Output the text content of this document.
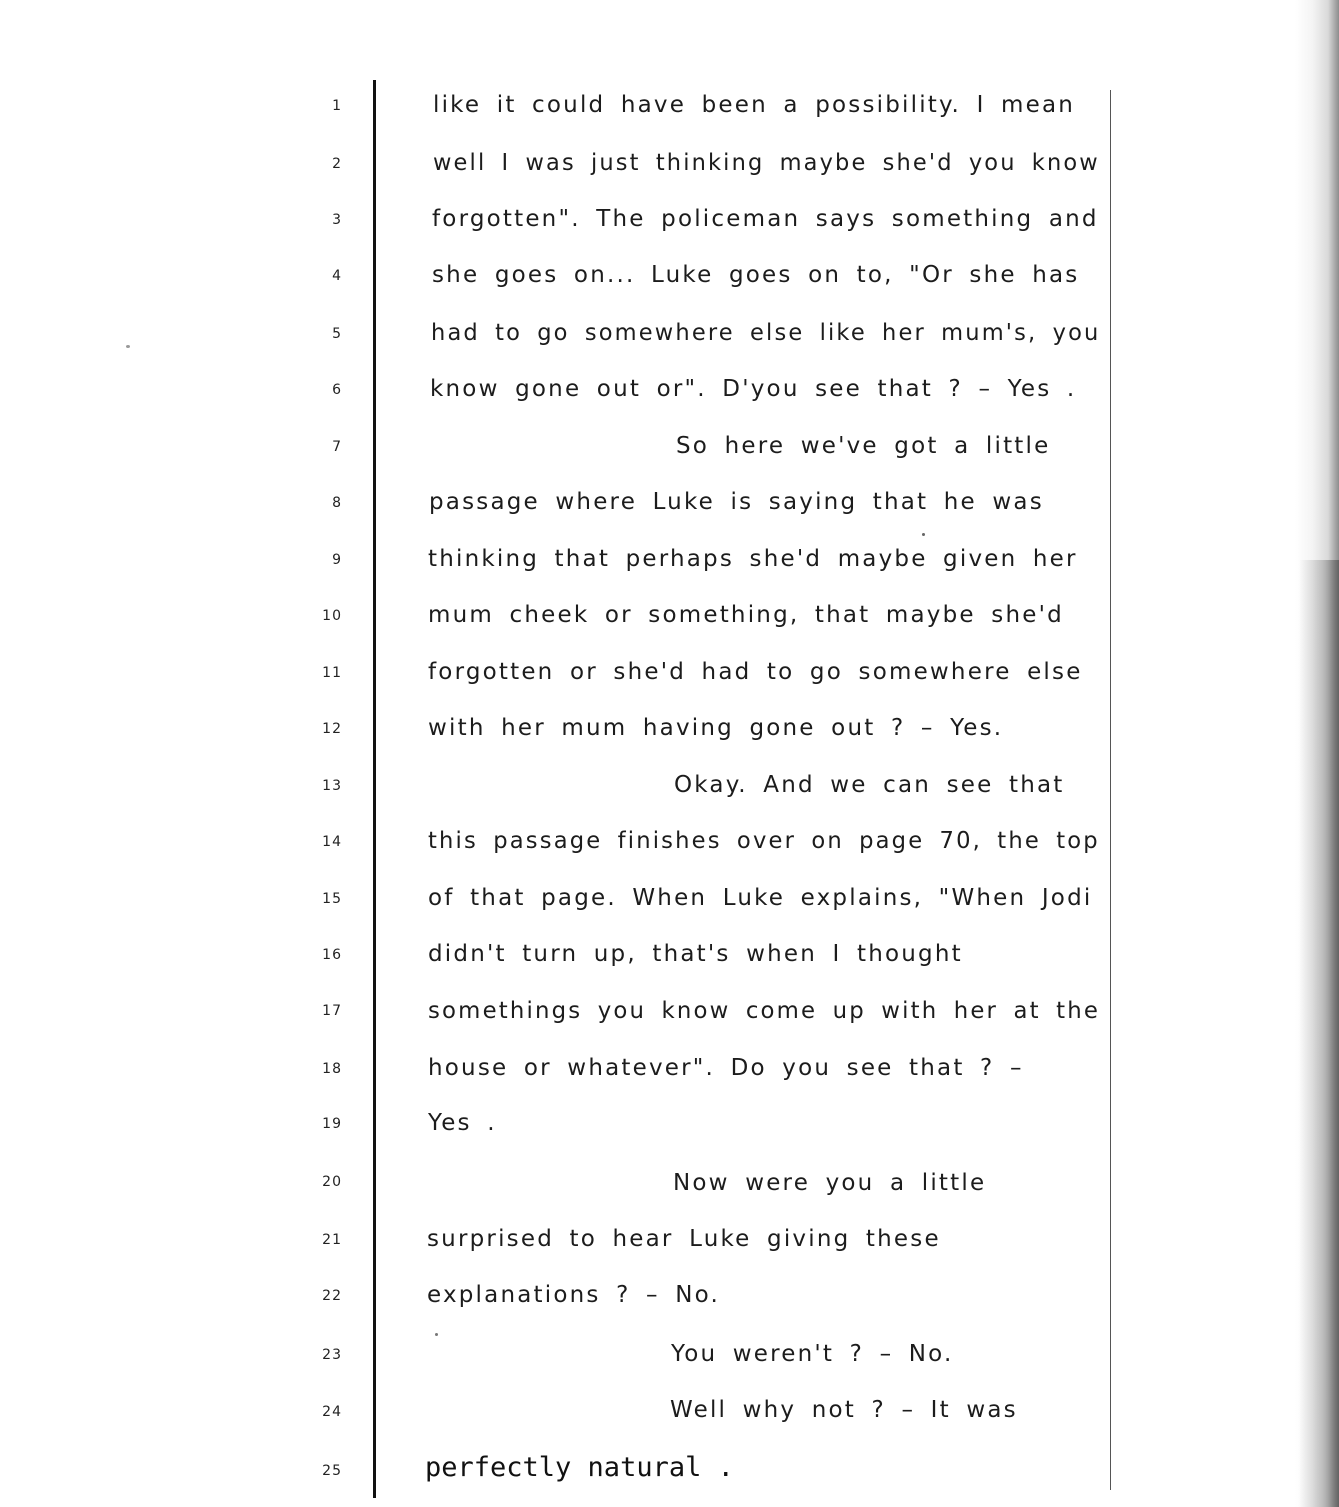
1
2
3
4
5
6
7
8
9
10
11
12
13
14
15
16
17
18
19
20
21
22
23
24
25
like it could have been a possibility. I mean
well I was just thinking maybe she'd you know
forgotten". The policeman says something and
she goes on... Luke goes on to, "Or she has
had to go somewhere else like her mum's, you
know gone out or". D'you see that ? – Yes .
So here we've got a little
passage where Luke is saying that he was
thinking that perhaps she'd maybe given her
mum cheek or something, that maybe she'd
forgotten or she'd had to go somewhere else
with her mum having gone out ? – Yes.
Okay. And we can see that
this passage finishes over on page 70, the top
of that page. When Luke explains, "When Jodi
didn't turn up, that's when I thought
somethings you know come up with her at the
house or whatever". Do you see that ? –
Yes .
Now were you a little
surprised to hear Luke giving these
explanations ? – No.
You weren't ? – No.
Well why not ? – It was
perfectly natural .
